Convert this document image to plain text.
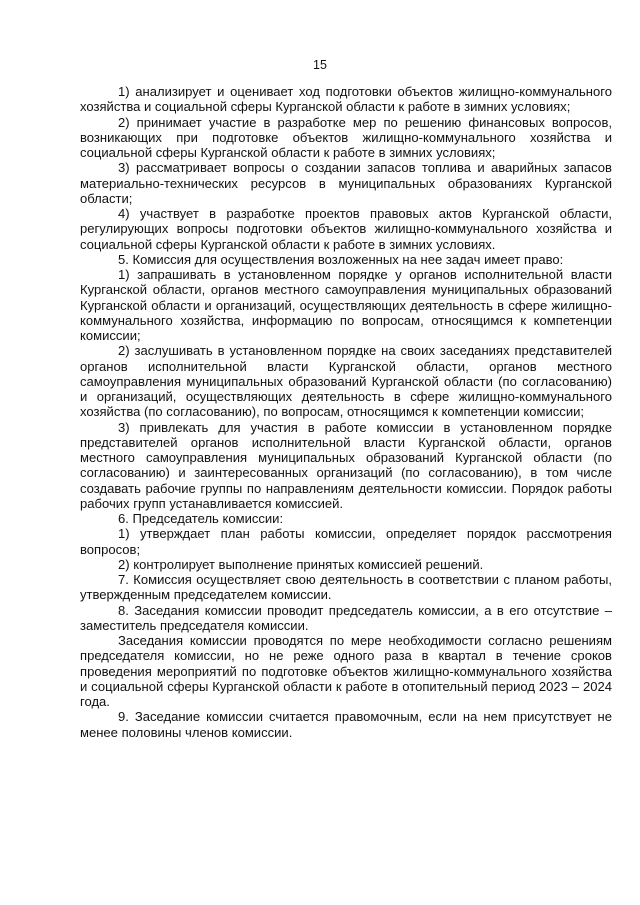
15

1) анализирует и оценивает ход подготовки объектов жилищно-коммунального хозяйства и социальной сферы Курганской области к работе в зимних условиях;

2) принимает участие в разработке мер по решению финансовых вопросов, возникающих при подготовке объектов жилищно-коммунального хозяйства и социальной сферы Курганской области к работе в зимних условиях;

3) рассматривает вопросы о создании запасов топлива и аварийных запасов материально-технических ресурсов в муниципальных образованиях Курганской области;

4) участвует в разработке проектов правовых актов Курганской области, регулирующих вопросы подготовки объектов жилищно-коммунального хозяйства и социальной сферы Курганской области к работе в зимних условиях.

5. Комиссия для осуществления возложенных на нее задач имеет право:

1) запрашивать в установленном порядке у органов исполнительной власти Курганской области, органов местного самоуправления муниципальных образований Курганской области и организаций, осуществляющих деятельность в сфере жилищно-коммунального хозяйства, информацию по вопросам, относящимся к компетенции комиссии;

2) заслушивать в установленном порядке на своих заседаниях представителей органов исполнительной власти Курганской области, органов местного самоуправления муниципальных образований Курганской области (по согласованию) и организаций, осуществляющих деятельность в сфере жилищно-коммунального хозяйства (по согласованию), по вопросам, относящимся к компетенции комиссии;

3) привлекать для участия в работе комиссии в установленном порядке представителей органов исполнительной власти Курганской области, органов местного самоуправления муниципальных образований Курганской области (по согласованию) и заинтересованных организаций (по согласованию), в том числе создавать рабочие группы по направлениям деятельности комиссии. Порядок работы рабочих групп устанавливается комиссией.

6. Председатель комиссии:

1) утверждает план работы комиссии, определяет порядок рассмотрения вопросов;

2) контролирует выполнение принятых комиссией решений.

7. Комиссия осуществляет свою деятельность в соответствии с планом работы, утвержденным председателем комиссии.

8. Заседания комиссии проводит председатель комиссии, а в его отсутствие – заместитель председателя комиссии.

Заседания комиссии проводятся по мере необходимости согласно решениям председателя комиссии, но не реже одного раза в квартал в течение сроков проведения мероприятий по подготовке объектов жилищно-коммунального хозяйства и социальной сферы Курганской области к работе в отопительный период 2023 – 2024 года.

9. Заседание комиссии считается правомочным, если на нем присутствует не менее половины членов комиссии.
